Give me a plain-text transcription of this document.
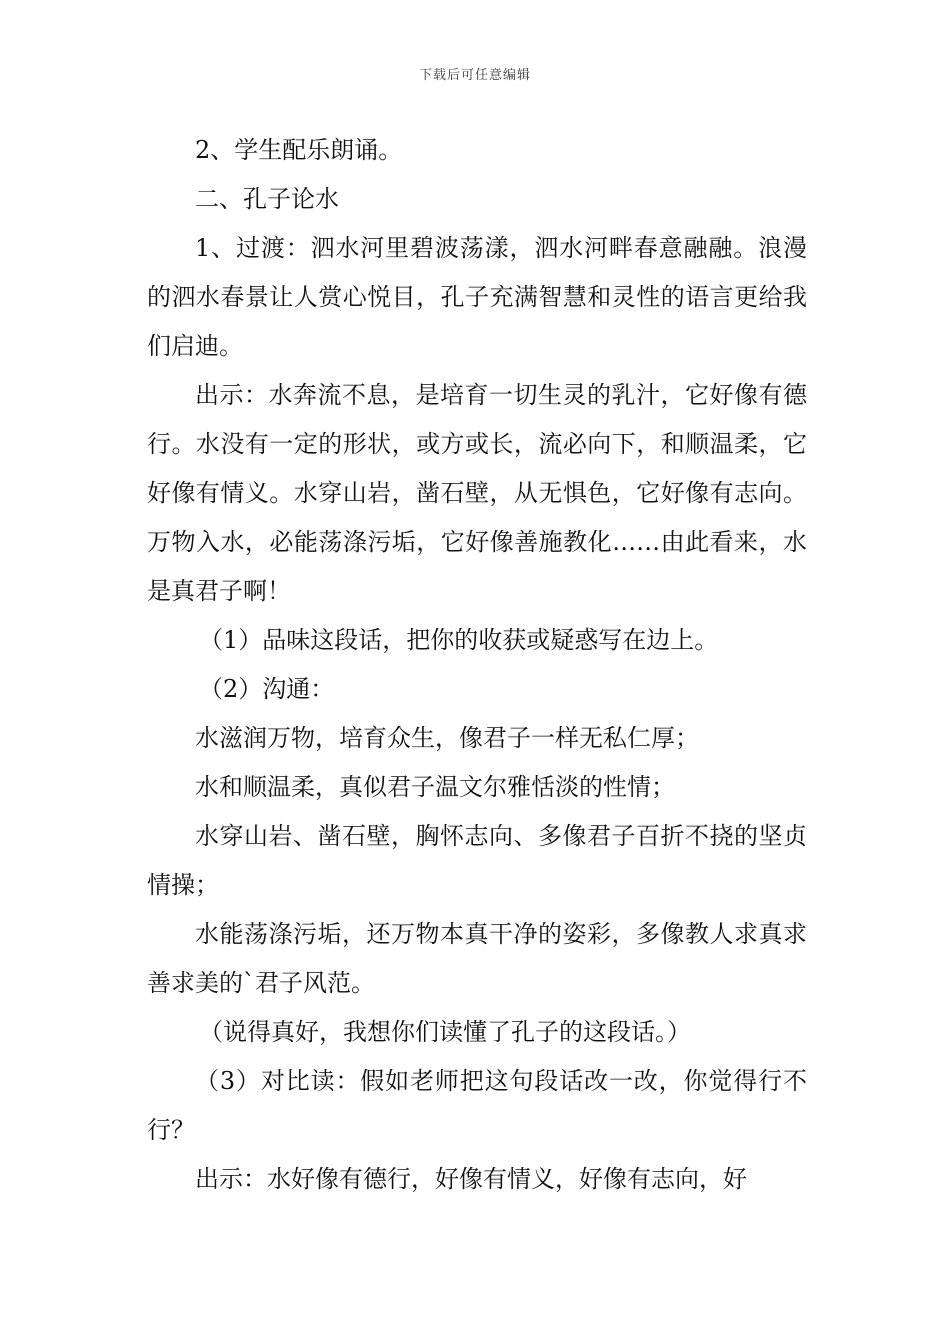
下载后可任意编辑

2、学生配乐朗诵。

二、孔子论水

1、过渡：泗水河里碧波荡漾，泗水河畔春意融融。浪漫的泗水春景让人赏心悦目，孔子充满智慧和灵性的语言更给我们启迪。

出示：水奔流不息，是培育一切生灵的乳汁，它好像有德行。水没有一定的形状，或方或长，流必向下，和顺温柔，它好像有情义。水穿山岩，凿石壁，从无惧色，它好像有志向。万物入水，必能荡涤污垢，它好像善施教化……由此看来，水是真君子啊！

（1）品味这段话，把你的收获或疑惑写在边上。

（2）沟通：

水滋润万物，培育众生，像君子一样无私仁厚；

水和顺温柔，真似君子温文尔雅恬淡的性情；

水穿山岩、凿石壁，胸怀志向、多像君子百折不挠的坚贞情操；

水能荡涤污垢，还万物本真干净的姿彩，多像教人求真求善求美的`君子风范。

（说得真好，我想你们读懂了孔子的这段话。）

（3）对比读：假如老师把这句段话改一改，你觉得行不行？

出示：水好像有德行，好像有情义，好像有志向，好
